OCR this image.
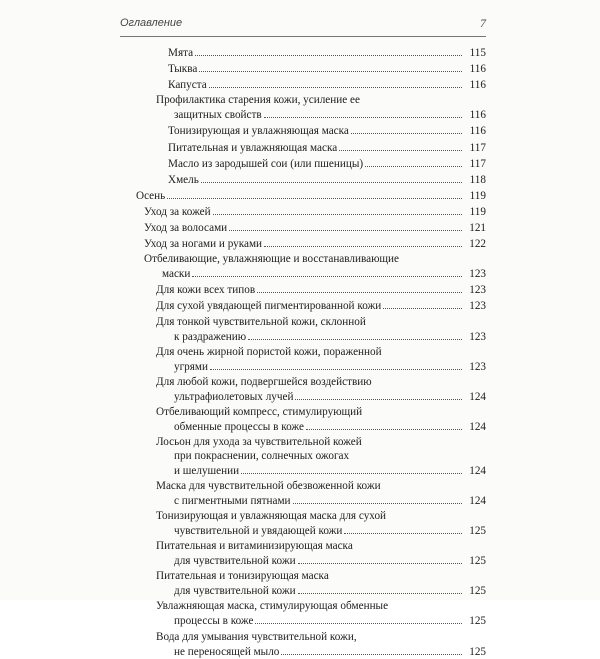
Оглавление	7
Мята	115
Тыква	116
Капуста	116
Профилактика старения кожи, усиление ее
защитных свойств	116
Тонизирующая и увлажняющая маска	116
Питательная и увлажняющая маска	117
Масло из зародышей сои (или пшеницы)	117
Хмель	118
Осень	119
Уход за кожей	119
Уход за волосами	121
Уход за ногами и руками	122
Отбеливающие, увлажняющие и восстанавливающие
маски	123
Для кожи всех типов	123
Для сухой увядающей пигментированной кожи	123
Для тонкой чувствительной кожи, склонной
к раздражению	123
Для очень жирной пористой кожи, пораженной
угрями	123
Для любой кожи, подвергшейся воздействию
ультрафиолетовых лучей	124
Отбеливающий компресс, стимулирующий
обменные процессы в коже	124
Лосьон для ухода за чувствительной кожей
при покраснении, солнечных ожогах
и шелушении	124
Маска для чувствительной обезвоженной кожи
с пигментными пятнами	124
Тонизирующая и увлажняющая маска для сухой
чувствительной и увядающей кожи	125
Питательная и витаминизирующая маска
для чувствительной кожи	125
Питательная и тонизирующая маска
для чувствительной кожи	125
Увлажняющая маска, стимулирующая обменные
процессы в коже	125
Вода для умывания чувствительной кожи,
не переносящей мыло	125
